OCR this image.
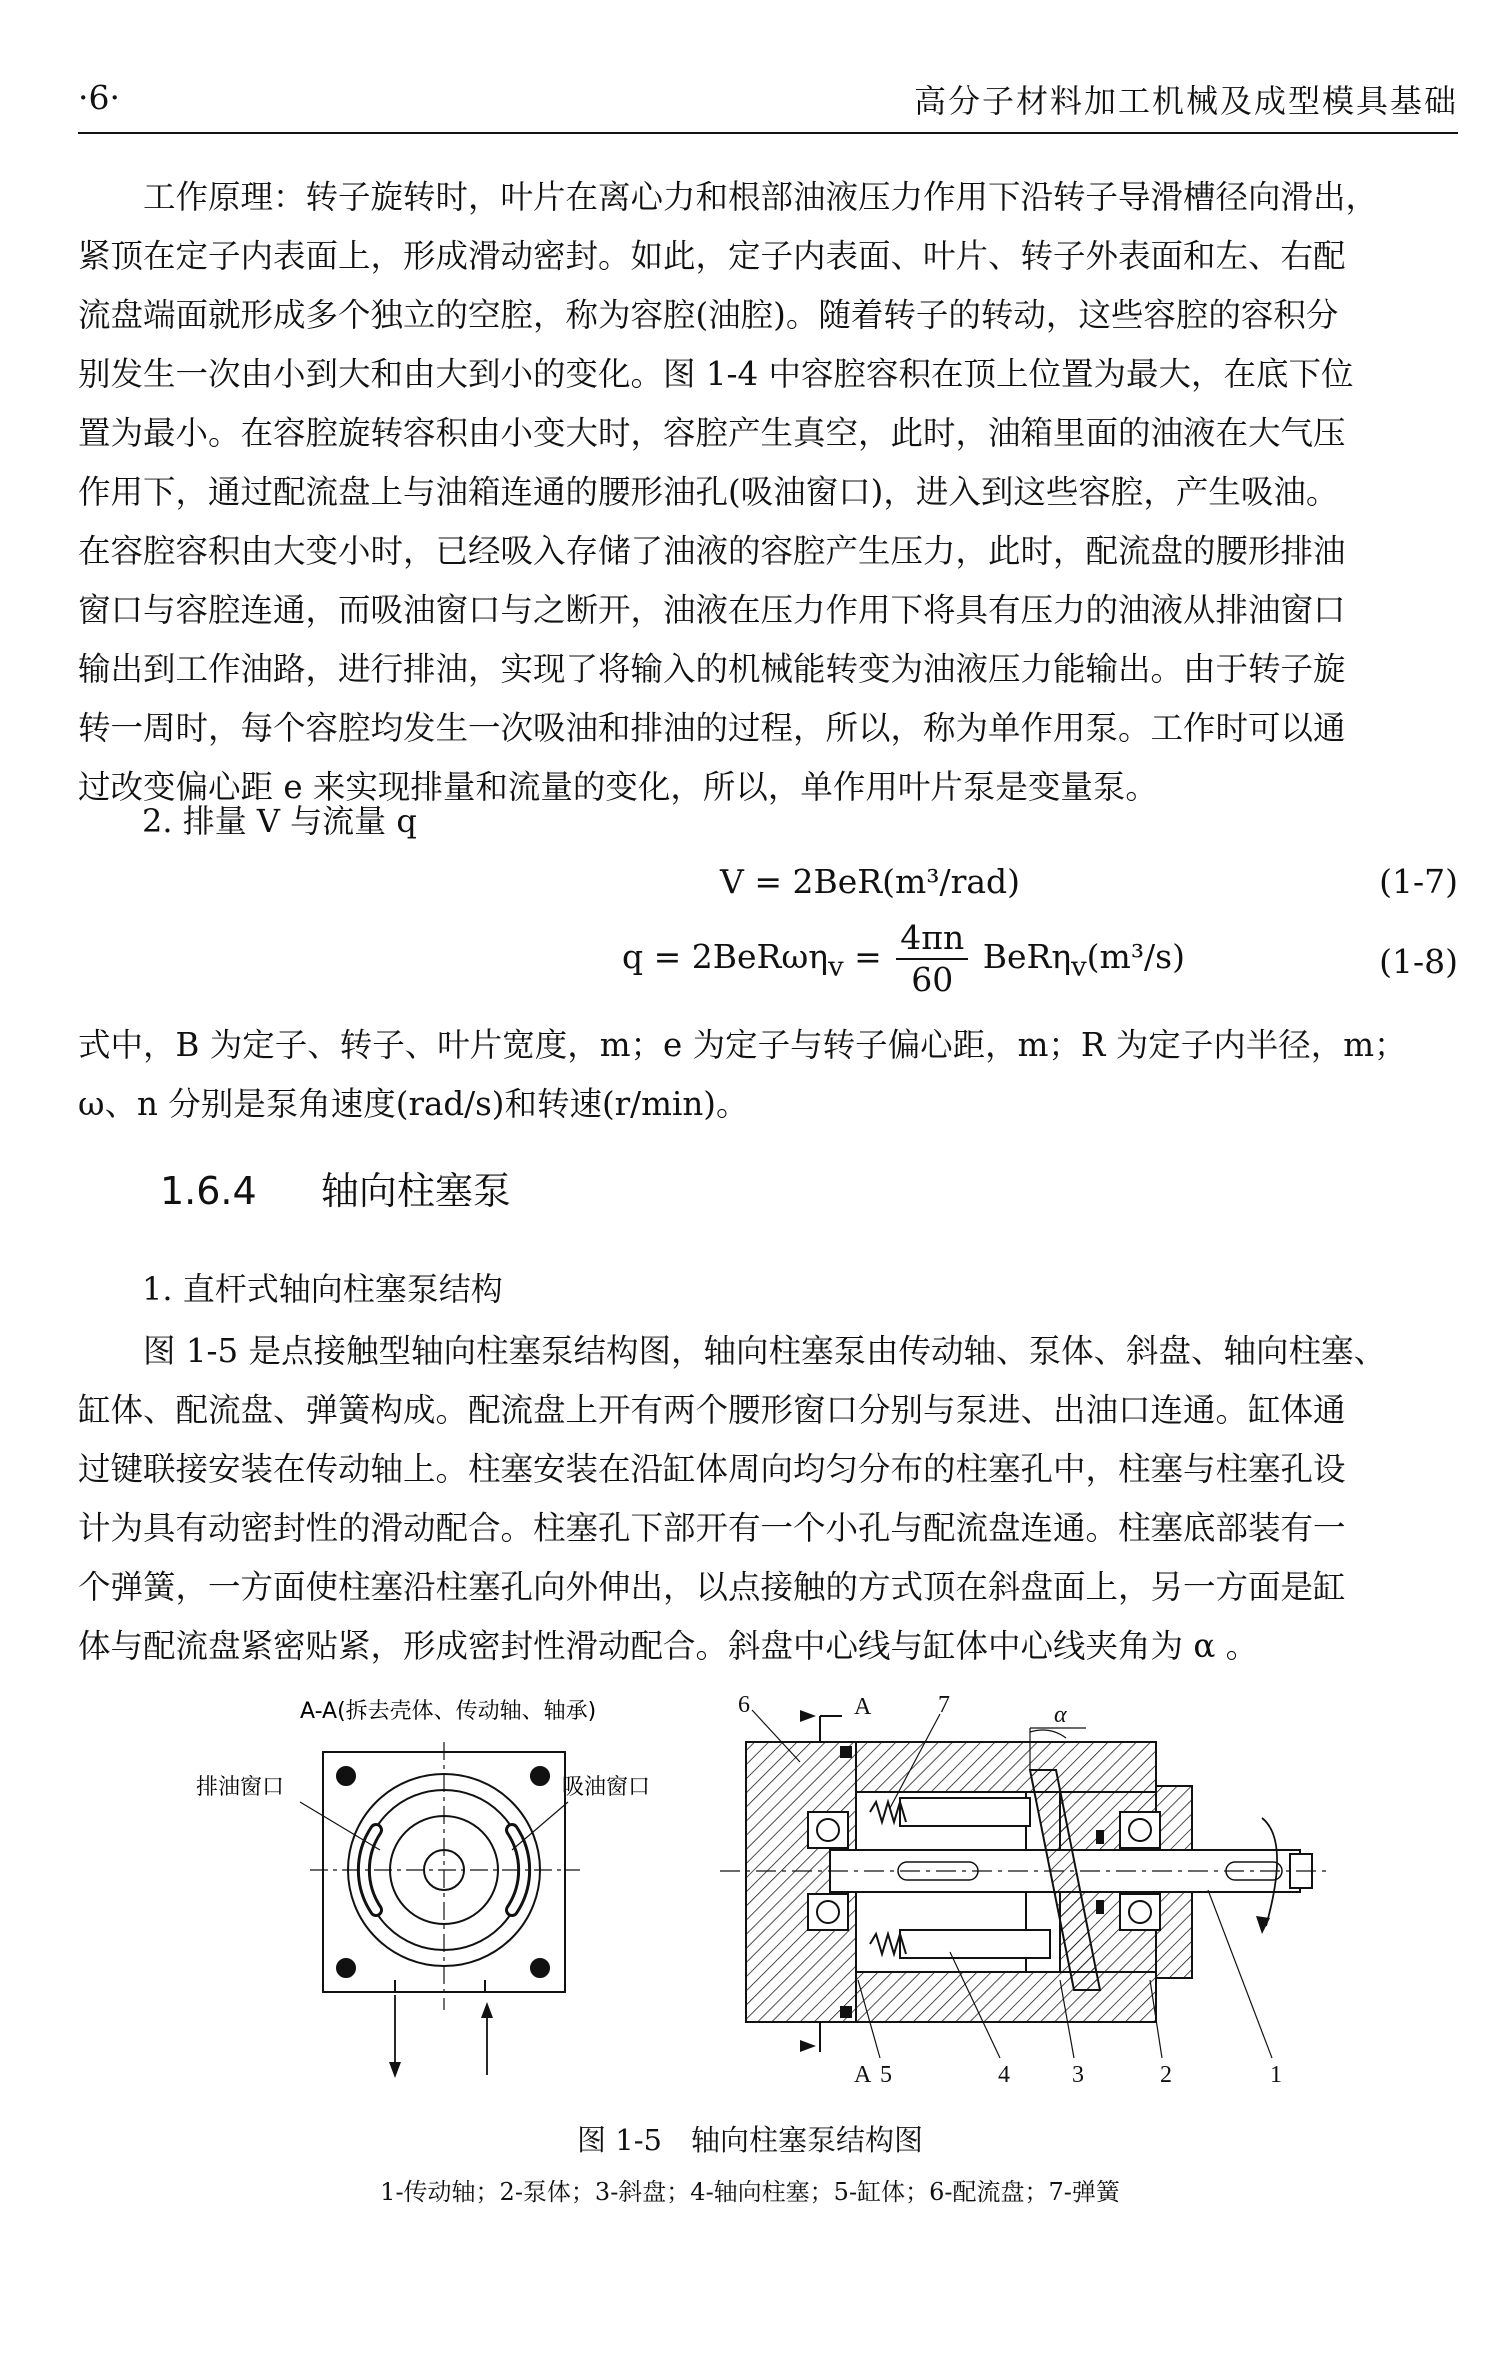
·6·	高分子材料加工机械及成型模具基础

工作原理：转子旋转时，叶片在离心力和根部油液压力作用下沿转子导滑槽径向滑出，
紧顶在定子内表面上，形成滑动密封。如此，定子内表面、叶片、转子外表面和左、右配
流盘端面就形成多个独立的空腔，称为容腔(油腔)。随着转子的转动，这些容腔的容积分
别发生一次由小到大和由大到小的变化。图 1-4 中容腔容积在顶上位置为最大，在底下位
置为最小。在容腔旋转容积由小变大时，容腔产生真空，此时，油箱里面的油液在大气压
作用下，通过配流盘上与油箱连通的腰形油孔(吸油窗口)，进入到这些容腔，产生吸油。
在容腔容积由大变小时，已经吸入存储了油液的容腔产生压力，此时，配流盘的腰形排油
窗口与容腔连通，而吸油窗口与之断开，油液在压力作用下将具有压力的油液从排油窗口
输出到工作油路，进行排油，实现了将输入的机械能转变为油液压力能输出。由于转子旋
转一周时，每个容腔均发生一次吸油和排油的过程，所以，称为单作用泵。工作时可以通
过改变偏心距 e 来实现排量和流量的变化，所以，单作用叶片泵是变量泵。

2. 排量 V 与流量 q
V = 2BeR(m³/rad)	(1-7)
$q = 2BeR\omega\eta_v = \frac{4\pi n}{60} BeR\eta_v(m^3/s)$	(1-8)
式中，B 为定子、转子、叶片宽度，m；e 为定子与转子偏心距，m；R 为定子内半径，m；
ω、n 分别是泵角速度(rad/s)和转速(r/min)。
1.6.4 轴向柱塞泵
1. 直杆式轴向柱塞泵结构
图 1-5 是点接触型轴向柱塞泵结构图，轴向柱塞泵由传动轴、泵体、斜盘、轴向柱塞、
缸体、配流盘、弹簧构成。配流盘上开有两个腰形窗口分别与泵进、出油口连通。缸体通
过键联接安装在传动轴上。柱塞安装在沿缸体周向均匀分布的柱塞孔中，柱塞与柱塞孔设
计为具有动密封性的滑动配合。柱塞孔下部开有一个小孔与配流盘连通。柱塞底部装有一
个弹簧，一方面使柱塞沿柱塞孔向外伸出，以点接触的方式顶在斜盘面上，另一方面是缸
体与配流盘紧密贴紧，形成密封性滑动配合。斜盘中心线与缸体中心线夹角为 α 。
A-A(拆去壳体、传动轴、轴承)
排油窗口	吸油窗口
A
A
α
6	7
5	4	3	2	1
图 1-5　轴向柱塞泵结构图
1-传动轴；2-泵体；3-斜盘；4-轴向柱塞；5-缸体；6-配流盘；7-弹簧
